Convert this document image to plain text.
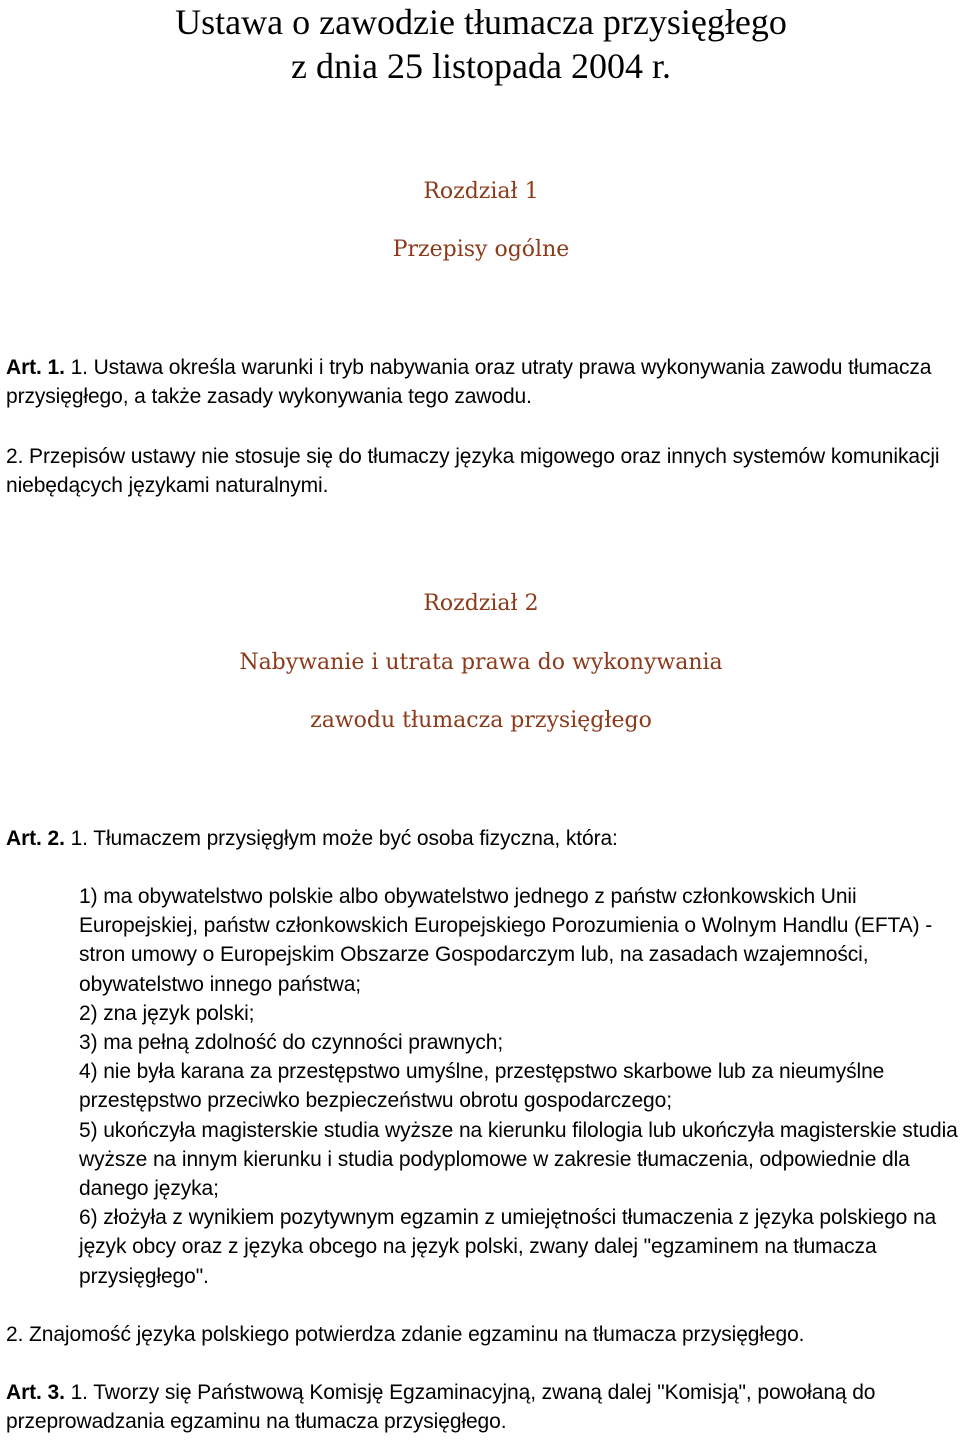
Ustawa o zawodzie tłumacza przysięgłego
z dnia 25 listopada 2004 r.
Rozdział 1
Przepisy ogólne
Art. 1. 1. Ustawa określa warunki i tryb nabywania oraz utraty prawa wykonywania zawodu tłumacza przysięgłego, a także zasady wykonywania tego zawodu.
2. Przepisów ustawy nie stosuje się do tłumaczy języka migowego oraz innych systemów komunikacji niebędących językami naturalnymi.
Rozdział 2
Nabywanie i utrata prawa do wykonywania
zawodu tłumacza przysięgłego
Art. 2. 1. Tłumaczem przysięgłym może być osoba fizyczna, która:
1) ma obywatelstwo polskie albo obywatelstwo jednego z państw członkowskich Unii Europejskiej, państw członkowskich Europejskiego Porozumienia o Wolnym Handlu (EFTA) - stron umowy o Europejskim Obszarze Gospodarczym lub, na zasadach wzajemności, obywatelstwo innego państwa;
2) zna język polski;
3) ma pełną zdolność do czynności prawnych;
4) nie była karana za przestępstwo umyślne, przestępstwo skarbowe lub za nieumyślne przestępstwo przeciwko bezpieczeństwu obrotu gospodarczego;
5) ukończyła magisterskie studia wyższe na kierunku filologia lub ukończyła magisterskie studia wyższe na innym kierunku i studia podyplomowe w zakresie tłumaczenia, odpowiednie dla danego języka;
6) złożyła z wynikiem pozytywnym egzamin z umiejętności tłumaczenia z języka polskiego na język obcy oraz z języka obcego na język polski, zwany dalej "egzaminem na tłumacza przysięgłego".
2. Znajomość języka polskiego potwierdza zdanie egzaminu na tłumacza przysięgłego.
Art. 3. 1. Tworzy się Państwową Komisję Egzaminacyjną, zwaną dalej "Komisją", powołaną do przeprowadzania egzaminu na tłumacza przysięgłego.
